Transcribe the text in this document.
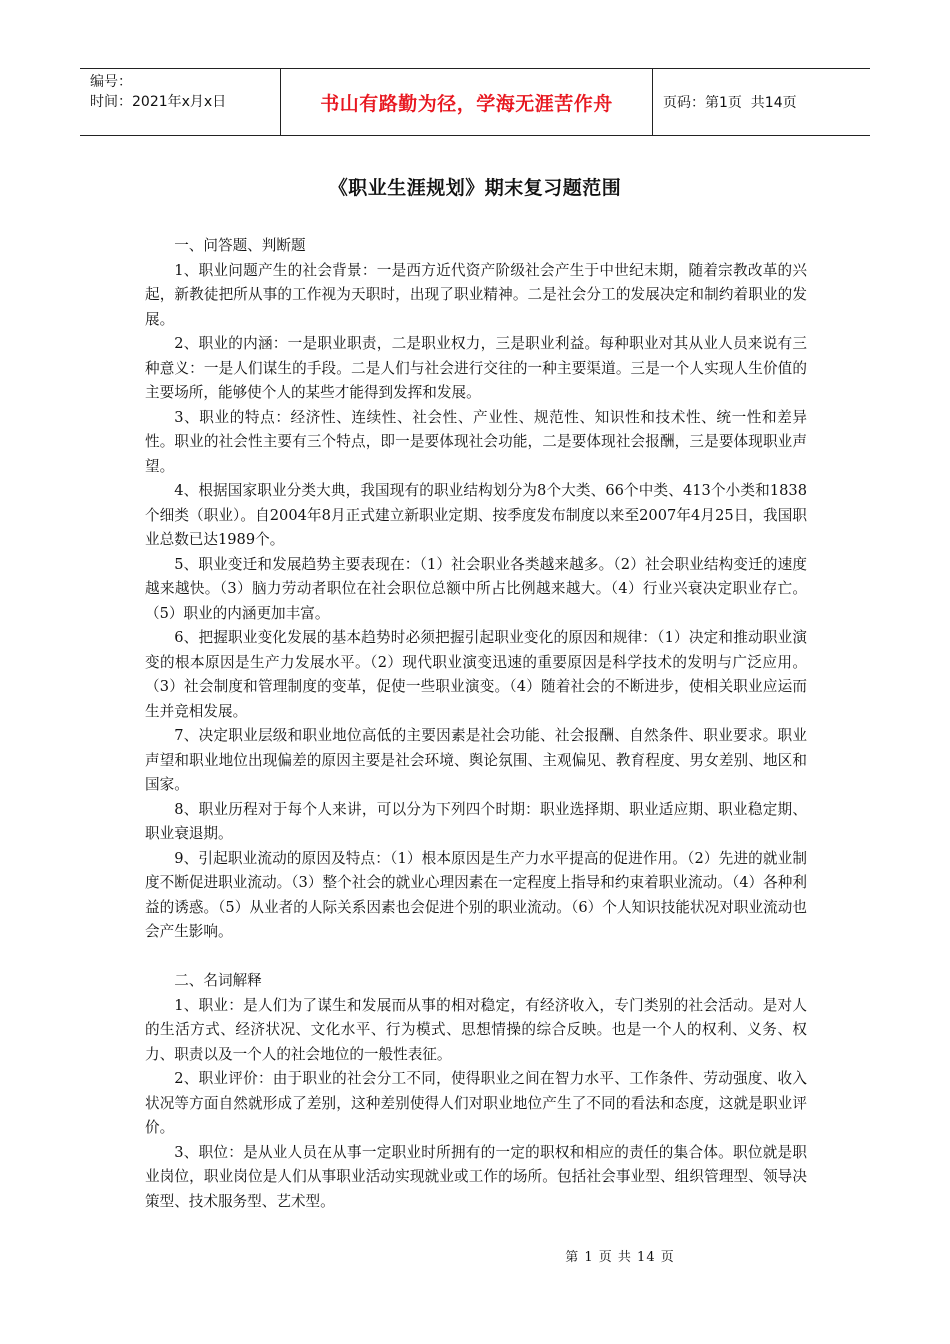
编号：
时间：2021年x月x日	书山有路勤为径，学海无涯苦作舟	页码：第1页  共14页
《职业生涯规划》期末复习题范围

一、问答题、判断题

1、职业问题产生的社会背景：一是西方近代资产阶级社会产生于中世纪末期，随着宗教改革的兴起，新教徒把所从事的工作视为天职时，出现了职业精神。二是社会分工的发展决定和制约着职业的发展。

2、职业的内涵：一是职业职责，二是职业权力，三是职业利益。每种职业对其从业人员来说有三种意义：一是人们谋生的手段。二是人们与社会进行交往的一种主要渠道。三是一个人实现人生价值的主要场所，能够使个人的某些才能得到发挥和发展。

3、职业的特点：经济性、连续性、社会性、产业性、规范性、知识性和技术性、统一性和差异性。职业的社会性主要有三个特点，即一是要体现社会功能，二是要体现社会报酬，三是要体现职业声望。

4、根据国家职业分类大典，我国现有的职业结构划分为8个大类、66个中类、413个小类和1838个细类（职业）。自2004年8月正式建立新职业定期、按季度发布制度以来至2007年4月25日，我国职业总数已达1989个。

5、职业变迁和发展趋势主要表现在：（1）社会职业各类越来越多。（2）社会职业结构变迁的速度越来越快。（3）脑力劳动者职位在社会职位总额中所占比例越来越大。（4）行业兴衰决定职业存亡。（5）职业的内涵更加丰富。

6、把握职业变化发展的基本趋势时必须把握引起职业变化的原因和规律：（1）决定和推动职业演变的根本原因是生产力发展水平。（2）现代职业演变迅速的重要原因是科学技术的发明与广泛应用。（3）社会制度和管理制度的变革，促使一些职业演变。（4）随着社会的不断进步，使相关职业应运而生并竞相发展。

7、决定职业层级和职业地位高低的主要因素是社会功能、社会报酬、自然条件、职业要求。职业声望和职业地位出现偏差的原因主要是社会环境、舆论氛围、主观偏见、教育程度、男女差别、地区和国家。

8、职业历程对于每个人来讲，可以分为下列四个时期：职业选择期、职业适应期、职业稳定期、职业衰退期。

9、引起职业流动的原因及特点：（1）根本原因是生产力水平提高的促进作用。（2）先进的就业制度不断促进职业流动。（3）整个社会的就业心理因素在一定程度上指导和约束着职业流动。（4）各种利益的诱惑。（5）从业者的人际关系因素也会促进个别的职业流动。（6）个人知识技能状况对职业流动也会产生影响。

二、名词解释

1、职业：是人们为了谋生和发展而从事的相对稳定，有经济收入，专门类别的社会活动。是对人的生活方式、经济状况、文化水平、行为模式、思想情操的综合反映。也是一个人的权利、义务、权力、职责以及一个人的社会地位的一般性表征。

2、职业评价：由于职业的社会分工不同，使得职业之间在智力水平、工作条件、劳动强度、收入状况等方面自然就形成了差别，这种差别使得人们对职业地位产生了不同的看法和态度，这就是职业评价。

3、职位：是从业人员在从事一定职业时所拥有的一定的职权和相应的责任的集合体。职位就是职业岗位，职业岗位是人们从事职业活动实现就业或工作的场所。包括社会事业型、组织管理型、领导决策型、技术服务型、艺术型。

第 1 页 共 14 页
